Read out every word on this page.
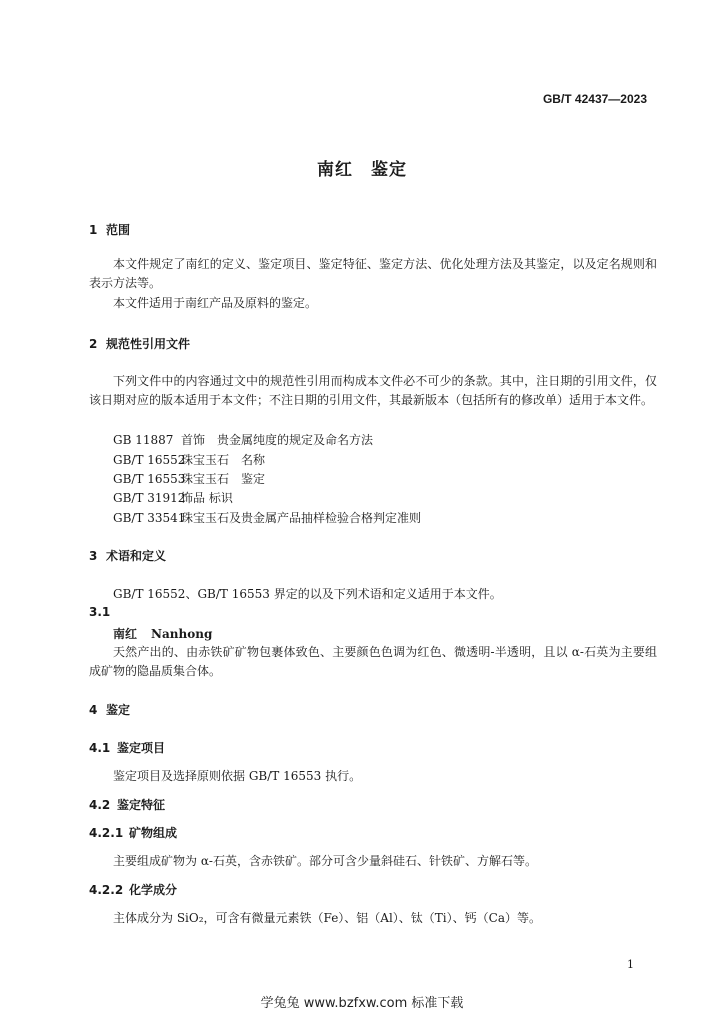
GB/T 42437—2023
南红　鉴定
1 范围
本文件规定了南红的定义、鉴定项目、鉴定特征、鉴定方法、优化处理方法及其鉴定，以及定名规则和表示方法等。
本文件适用于南红产品及原料的鉴定。
2 规范性引用文件
下列文件中的内容通过文中的规范性引用而构成本文件必不可少的条款。其中，注日期的引用文件，仅该日期对应的版本适用于本文件；不注日期的引用文件，其最新版本（包括所有的修改单）适用于本文件。
GB 11887 首饰　贵金属纯度的规定及命名方法
GB/T 16552珠宝玉石　名称
GB/T 16553珠宝玉石　鉴定
GB/T 31912饰品 标识
GB/T 33541珠宝玉石及贵金属产品抽样检验合格判定准则
3 术语和定义
GB/T 16552、GB/T 16553 界定的以及下列术语和定义适用于本文件。
3.1
南红 Nanhong
天然产出的、由赤铁矿矿物包裹体致色、主要颜色色调为红色、微透明-半透明，且以 α-石英为主要组成矿物的隐晶质集合体。
4 鉴定
4.1 鉴定项目
鉴定项目及选择原则依据 GB/T 16553 执行。
4.2 鉴定特征
4.2.1 矿物组成
主要组成矿物为 α-石英，含赤铁矿。部分可含少量斜硅石、针铁矿、方解石等。
4.2.2 化学成分
主体成分为 SiO₂，可含有微量元素铁（Fe）、铝（Al）、钛（Ti）、钙（Ca）等。
1
学兔兔 www.bzfxw.com 标准下载
